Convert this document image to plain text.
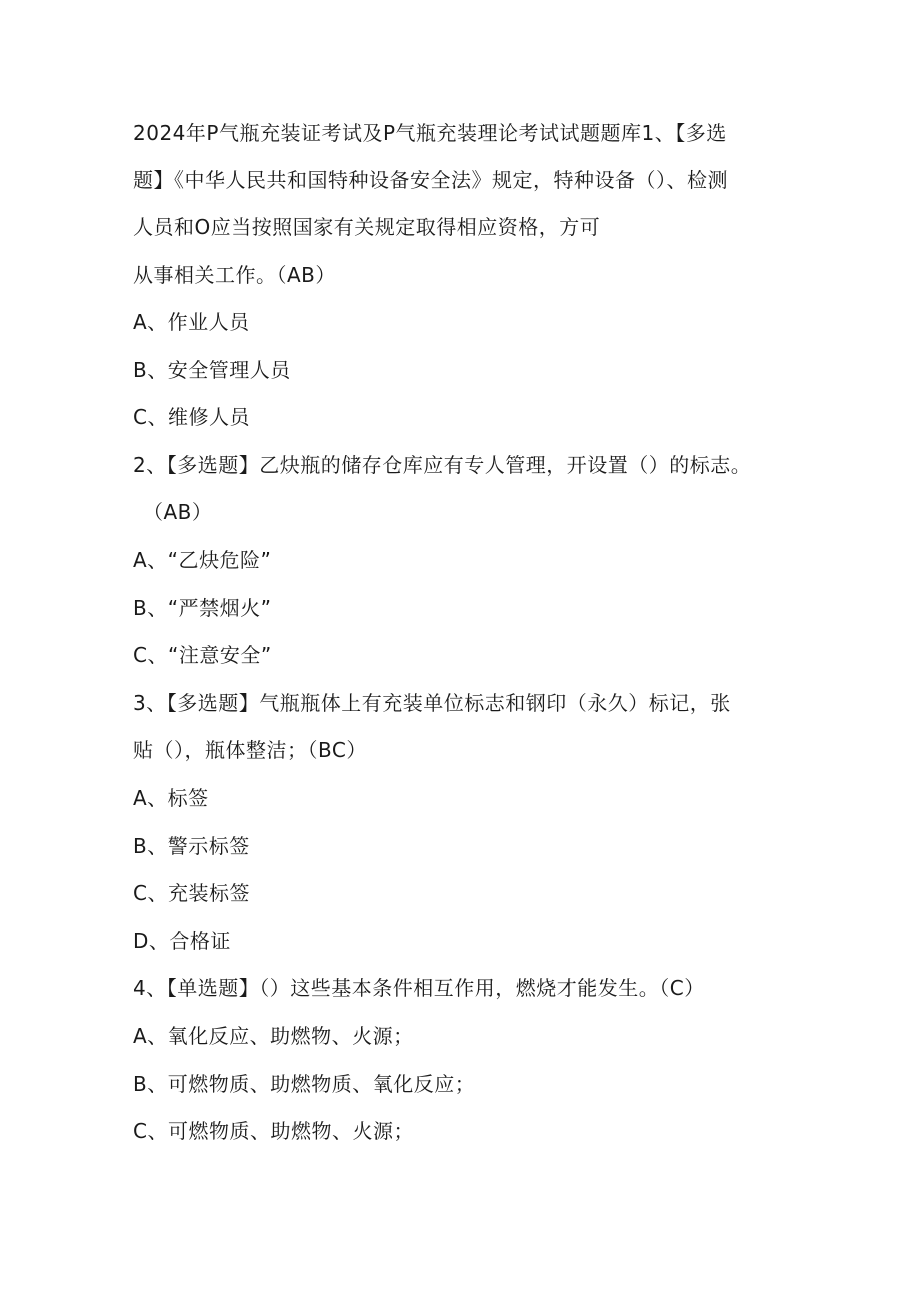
2024年P气瓶充装证考试及P气瓶充装理论考试试题题库1、【多选
题】《中华人民共和国特种设备安全法》规定，特种设备（）、检测
人员和O应当按照国家有关规定取得相应资格，方可
从事相关工作。（AB）
A、作业人员
B、安全管理人员
C、维修人员
2、【多选题】乙炔瓶的储存仓库应有专人管理，开设置（）的标志。
（AB）
A、“乙炔危险”
B、“严禁烟火”
C、“注意安全”
3、【多选题】气瓶瓶体上有充装单位标志和钢印（永久）标记，张
贴（），瓶体整洁；（BC）
A、标签
B、警示标签
C、充装标签
D、合格证
4、【单选题】（）这些基本条件相互作用，燃烧才能发生。（C）
A、氧化反应、助燃物、火源；
B、可燃物质、助燃物质、氧化反应；
C、可燃物质、助燃物、火源；
